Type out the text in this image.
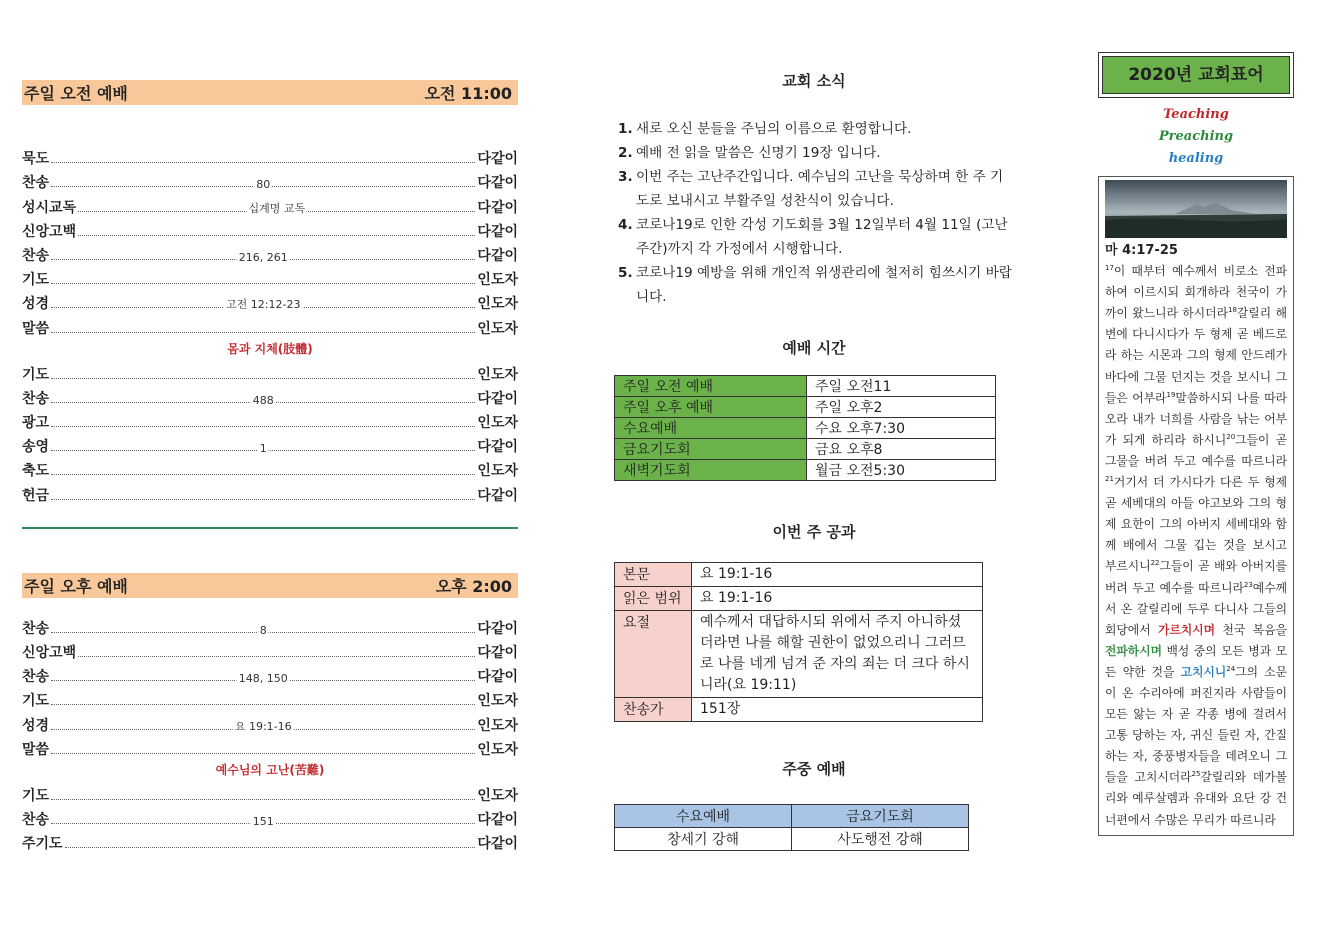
주일 오전 예배	오전 11:00
묵도	다같이
찬송	80	다같이
성시교독	십계명 교독	다같이
신앙고백	다같이
찬송	216, 261	다같이
기도	인도자
성경	고전 12:12-23	인도자
말씀	인도자
몸과 지체(肢體)
기도	인도자
찬송	488	다같이
광고	인도자
송영	1	다같이
축도	인도자
헌금	다같이
주일 오후 예배	오후 2:00
찬송	8	다같이
신앙고백	다같이
찬송	148, 150	다같이
기도	인도자
성경	요 19:1-16	인도자
말씀	인도자
예수님의 고난(苦難)
기도	인도자
찬송	151	다같이
주기도	다같이
교회 소식
1. 새로 오신 분들을 주님의 이름으로 환영합니다.
2. 예배 전 읽을 말씀은 신명기 19장 입니다.
3. 이번 주는 고난주간입니다. 예수님의 고난을 묵상하며 한 주 기도로 보내시고 부활주일 성찬식이 있습니다.
4. 코로나19로 인한 각성 기도회를 3월 12일부터 4월 11일 (고난주간)까지 각 가정에서 시행합니다.
5. 코로나19 예방을 위해 개인적 위생관리에 철저히 힘쓰시기 바랍니다.
예배 시간
주일 오전 예배	주일 오전11
주일 오후 예배	주일 오후2
수요예배	수요 오후7:30
금요기도회	금요 오후8
새벽기도회	월금 오전5:30
이번 주 공과
본문	요 19:1-16
읽은 범위	요 19:1-16
요절	예수께서 대답하시되 위에서 주지 아니하셨더라면 나를 해할 권한이 없었으리니 그러므로 나를 네게 넘겨 준 자의 죄는 더 크다 하시니라(요 19:11)
찬송가	151장
주중 예배
수요예배	금요기도회
창세기 강해	사도행전 강해
2020년 교회표어
Teaching
Preaching
healing
마 4:17-25
$^{17}$이 때부터 예수께서 비로소 전파하여 이르시되 회개하라 천국이 가까이 왔느니라 하시더라$^{18}$갈릴리 해변에 다니시다가 두 형제 곧 베드로라 하는 시몬과 그의 형제 안드레가 바다에 그물 던지는 것을 보시니 그들은 어부라$^{19}$말씀하시되 나를 따라오라 내가 너희를 사람을 낚는 어부가 되게 하리라 하시니$^{20}$그들이 곧 그물을 버려 두고 예수를 따르니라$^{21}$거기서 더 가시다가 다른 두 형제 곧 세베대의 아들 야고보와 그의 형제 요한이 그의 아버지 세베대와 함께 배에서 그물 깁는 것을 보시고 부르시니$^{22}$그들이 곧 배와 아버지를 버려 두고 예수를 따르니라$^{23}$예수께서 온 갈릴리에 두루 다니사 그들의 회당에서 가르치시며 천국 복음을 전파하시며 백성 중의 모든 병과 모든 약한 것을 고치시니$^{24}$그의 소문이 온 수리아에 퍼진지라 사람들이 모든 앓는 자 곧 각종 병에 걸려서 고통 당하는 자, 귀신 들린 자, 간질하는 자, 중풍병자들을 데려오니 그들을 고치시더라$^{25}$갈릴리와 데가볼리와 예루살렘과 유대와 요단 강 건너편에서 수많은 무리가 따르니라
